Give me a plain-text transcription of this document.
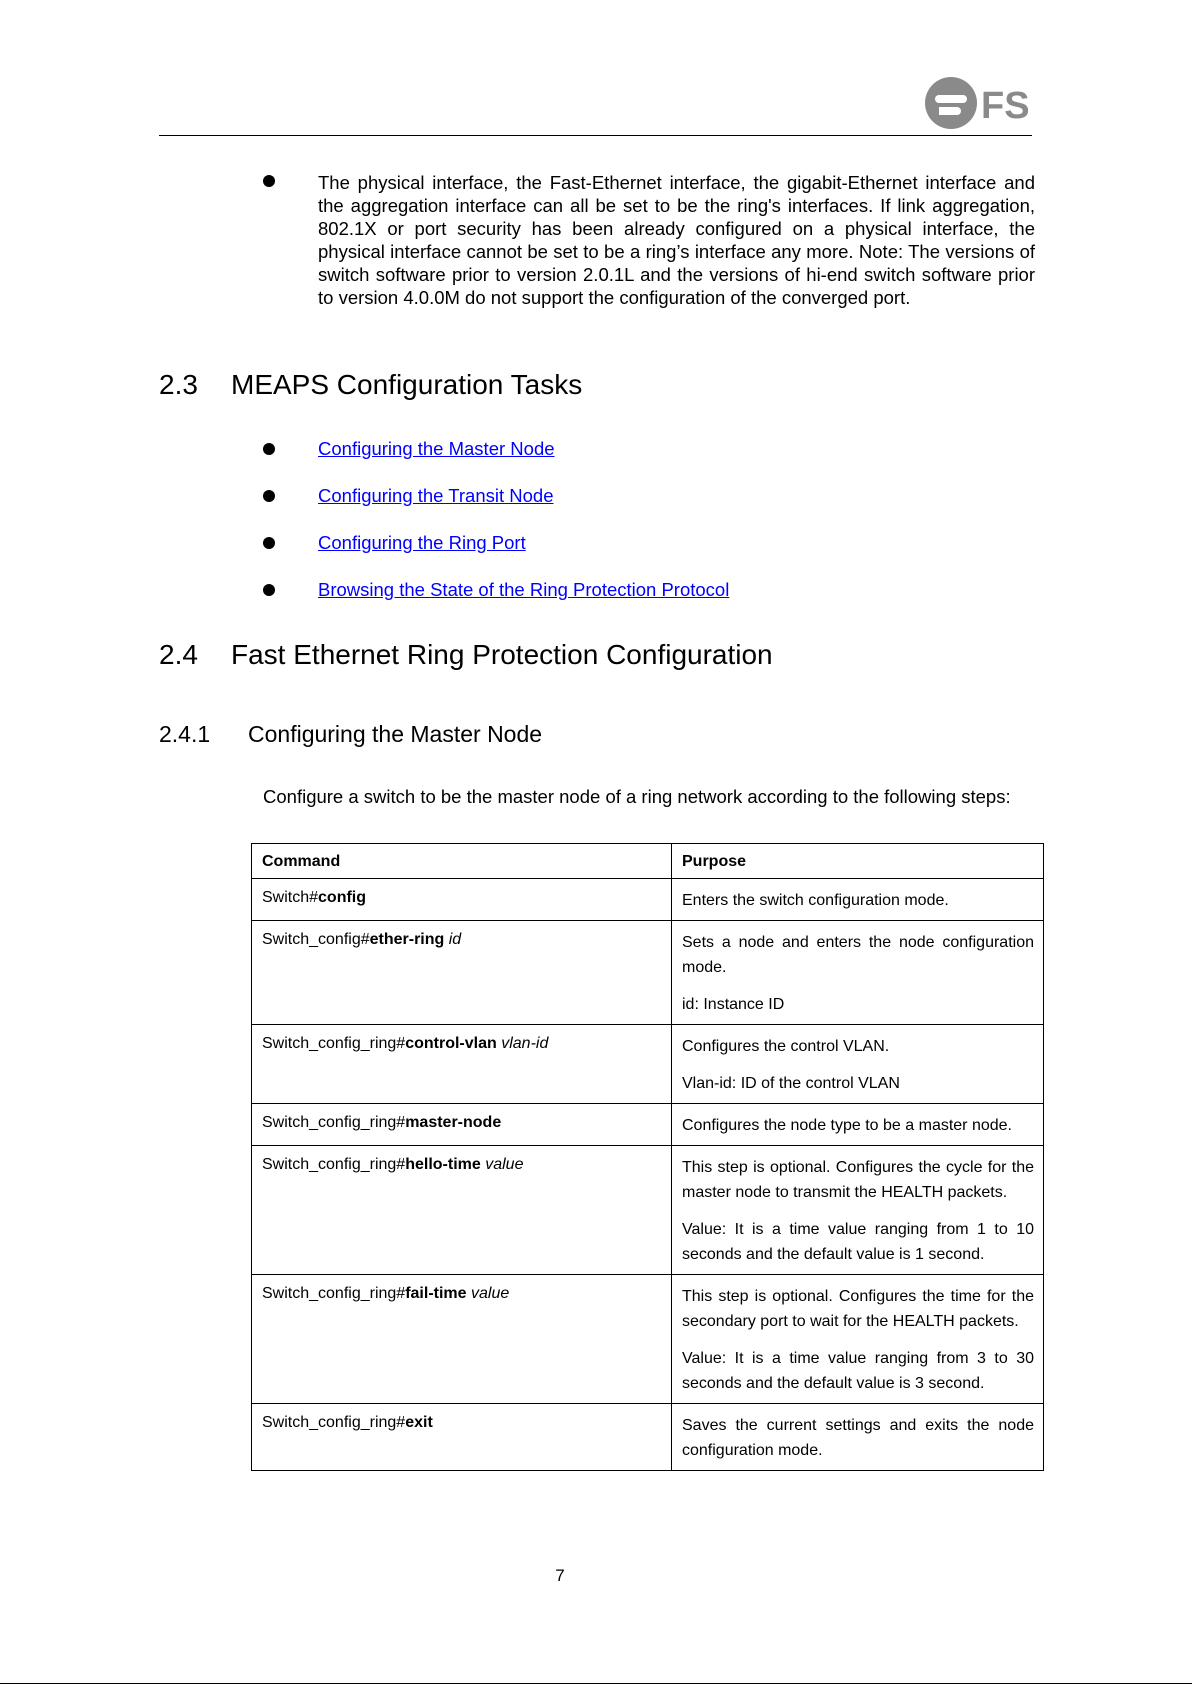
FS

The physical interface, the Fast-Ethernet interface, the gigabit-Ethernet interface and the aggregation interface can all be set to be the ring's interfaces. If link aggregation, 802.1X or port security has been already configured on a physical interface, the physical interface cannot be set to be a ring’s interface any more. Note: The versions of switch software prior to version 2.0.1L and the versions of hi-end switch software prior to version 4.0.0M do not support the configuration of the converged port.

2.3 MEAPS Configuration Tasks
Configuring the Master Node
Configuring the Transit Node
Configuring the Ring Port
Browsing the State of the Ring Protection Protocol
2.4 Fast Ethernet Ring Protection Configuration
2.4.1 Configuring the Master Node

Configure a switch to be the master node of a ring network according to the following steps:

Command	Purpose
Switch#config	Enters the switch configuration mode.

Switch_config#ether-ring id	Sets a node and enters the node configuration mode.

id: Instance ID

Switch_config_ring#control-vlan vlan-id	Configures the control VLAN.

Vlan-id: ID of the control VLAN

Switch_config_ring#master-node	Configures the node type to be a master node.

Switch_config_ring#hello-time value	This step is optional. Configures the cycle for the master node to transmit the HEALTH packets.

Value: It is a time value ranging from 1 to 10 seconds and the default value is 1 second.

Switch_config_ring#fail-time value	This step is optional. Configures the time for the secondary port to wait for the HEALTH packets.

Value: It is a time value ranging from 3 to 30 seconds and the default value is 3 second.

Switch_config_ring#exit	Saves the current settings and exits the node configuration mode.

7
